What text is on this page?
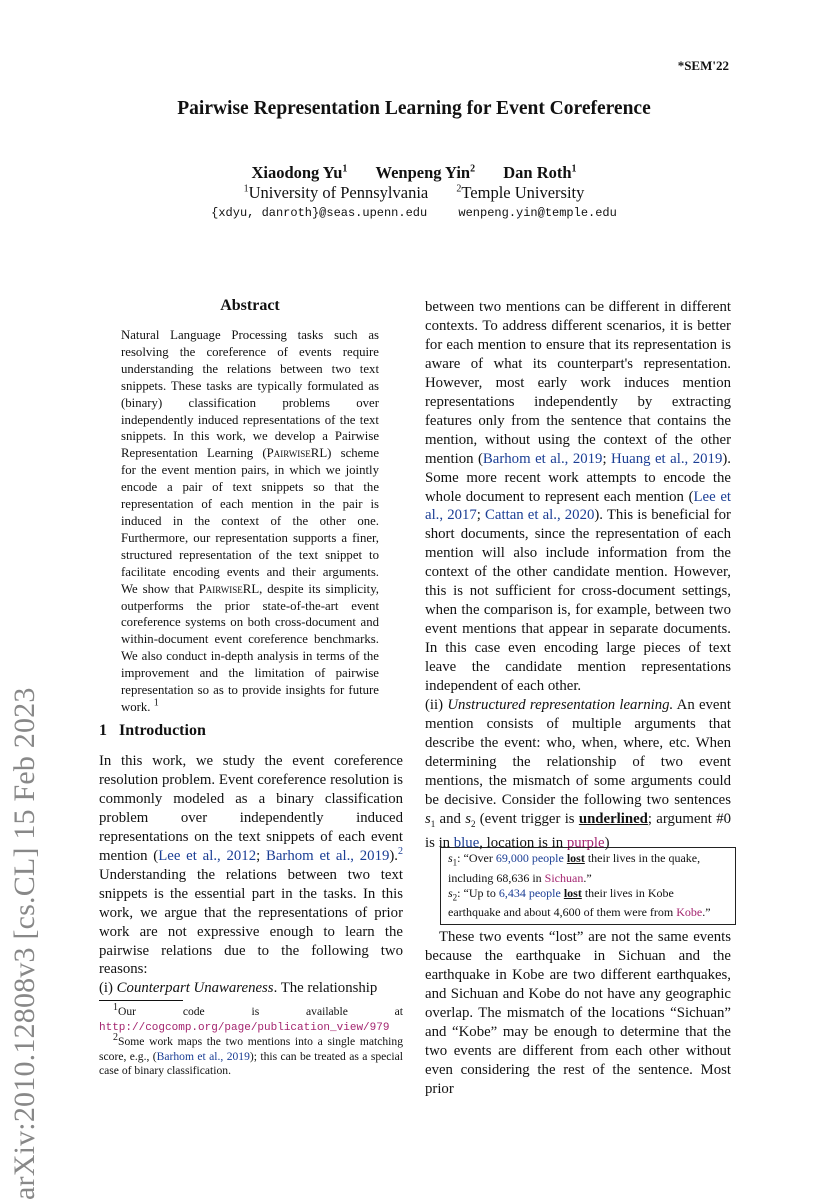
*SEM'22
Pairwise Representation Learning for Event Coreference
Xiaodong Yu$^1$ Wenpeng Yin$^2$ Dan Roth$^1$
$^1$University of Pennsylvania	$^2$Temple University
{xdyu, danroth}@seas.upenn.edu	wenpeng.yin@temple.edu
arXiv:2010.12808v3 [cs.CL] 15 Feb 2023
Abstract
Natural Language Processing tasks such as resolving the coreference of events require understanding the relations between two text snippets. These tasks are typically formulated as (binary) classification problems over independently induced representations of the text snippets. In this work, we develop a Pairwise Representation Learning (PairwiseRL) scheme for the event mention pairs, in which we jointly encode a pair of text snippets so that the representation of each mention in the pair is induced in the context of the other one. Furthermore, our representation supports a finer, structured representation of the text snippet to facilitate encoding events and their arguments. We show that PairwiseRL, despite its simplicity, outperforms the prior state-of-the-art event coreference systems on both cross-document and within-document event coreference benchmarks. We also conduct in-depth analysis in terms of the improvement and the limitation of pairwise representation so as to provide insights for future work. $^1$
1 Introduction
In this work, we study the event coreference resolution problem. Event coreference resolution is commonly modeled as a binary classification problem over independently induced representations on the text snippets of each event mention (Lee et al., 2012; Barhom et al., 2019).$^2$ Understanding the relations between two text snippets is the essential part in the tasks. In this work, we argue that the representations of prior work are not expressive enough to learn the pairwise relations due to the following two reasons:
(i) Counterpart Unawareness. The relationship
between two mentions can be different in different contexts. To address different scenarios, it is better for each mention to ensure that its representation is aware of what its counterpart's representation. However, most early work induces mention representations independently by extracting features only from the sentence that contains the mention, without using the context of the other mention (Barhom et al., 2019; Huang et al., 2019). Some more recent work attempts to encode the whole document to represent each mention (Lee et al., 2017; Cattan et al., 2020). This is beneficial for short documents, since the representation of each mention will also include information from the context of the other candidate mention. However, this is not sufficient for cross-document settings, when the comparison is, for example, between two event mentions that appear in separate documents. In this case even encoding large pieces of text leave the candidate mention representations independent of each other.
(ii) Unstructured representation learning. An event mention consists of multiple arguments that describe the event: who, when, where, etc. When determining the relationship of two event mentions, the mismatch of some arguments could be decisive. Consider the following two sentences $s_1$ and $s_2$ (event trigger is underlined; argument #0 is in blue, location is in purple)
$s_1$: “Over 69,000 people lost their lives in the quake, including 68,636 in Sichuan.”
$s_2$: “Up to 6,434 people lost their lives in Kobe earthquake and about 4,600 of them were from Kobe.”
These two events “lost” are not the same events because the earthquake in Sichuan and the earthquake in Kobe are two different earthquakes, and Sichuan and Kobe do not have any geographic overlap. The mismatch of the locations “Sichuan” and “Kobe” may be enough to determine that the two events are different from each other without even considering the rest of the sentence. Most prior

$^1$Our code is available at http://cogcomp.org/page/publication_view/979

$^2$Some work maps the two mentions into a single matching score, e.g., (Barhom et al., 2019); this can be treated as a special case of binary classification.
